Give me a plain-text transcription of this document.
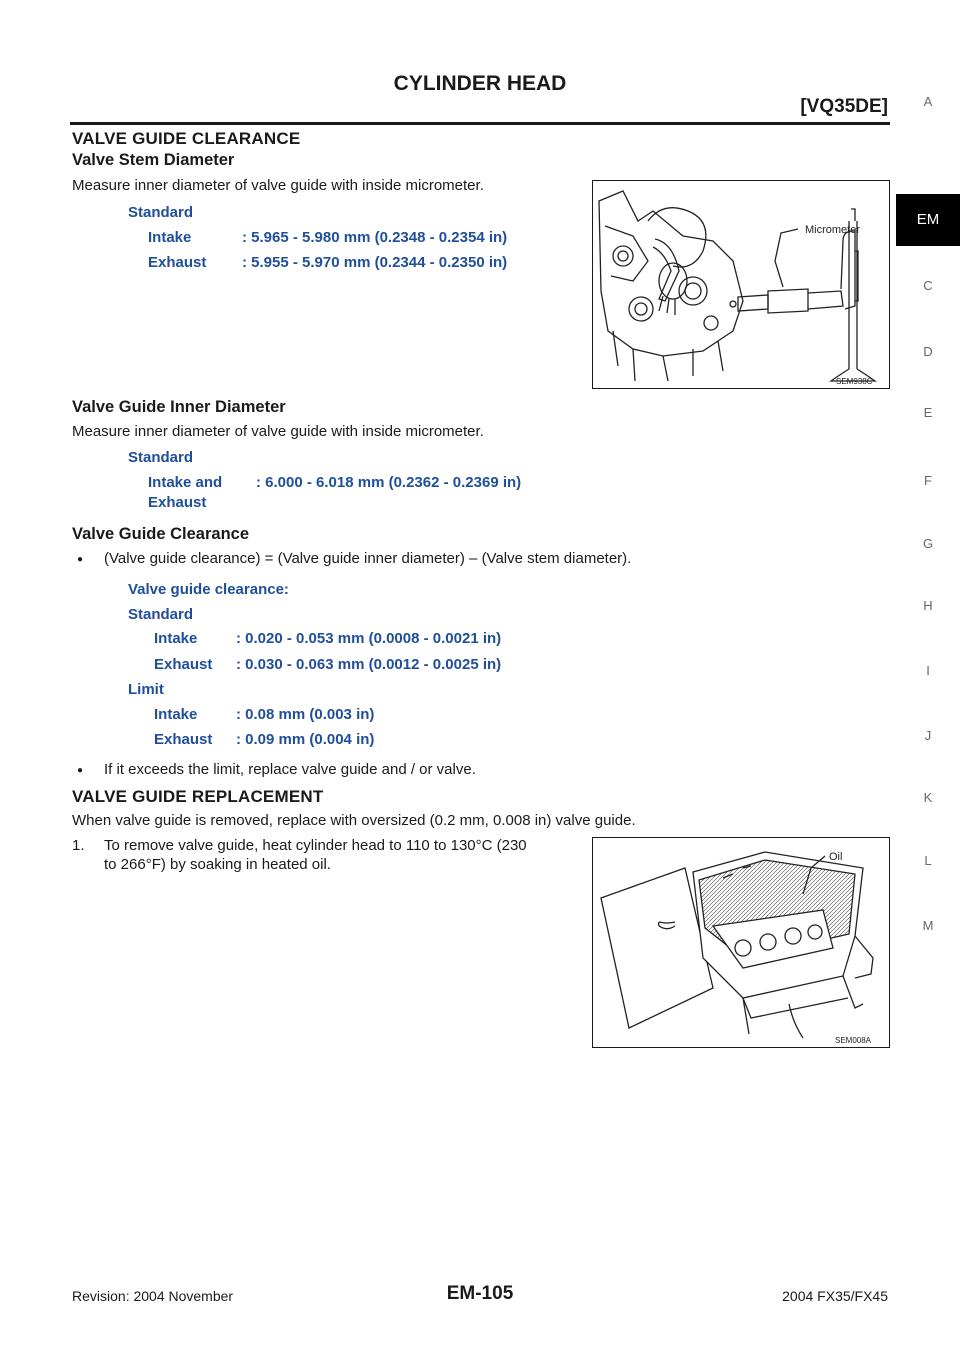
CYLINDER HEAD
[VQ35DE]	A
EM
C
D
E
F
G
H
I
J
K
L
M
VALVE GUIDE CLEARANCE
Valve Stem Diameter
Measure inner diameter of valve guide with inside micrometer.
Standard
Intake	: 5.965 - 5.980 mm (0.2348 - 0.2354 in)
Exhaust : 5.955 - 5.970 mm (0.2344 - 0.2350 in)
Micrometer
SEM938C
Valve Guide Inner Diameter
Measure inner diameter of valve guide with inside micrometer.
Standard
Intake and
Exhaust
: 6.000 - 6.018 mm (0.2362 - 0.2369 in)
Valve Guide Clearance
● (Valve guide clearance) = (Valve guide inner diameter) – (Valve stem diameter).
Valve guide clearance:
Standard
Intake	: 0.020 - 0.053 mm (0.0008 - 0.0021 in)
Exhaust : 0.030 - 0.063 mm (0.0012 - 0.0025 in)
Limit
Intake	: 0.08 mm (0.003 in)
Exhaust : 0.09 mm (0.004 in)
● If it exceeds the limit, replace valve guide and / or valve.
VALVE GUIDE REPLACEMENT
When valve guide is removed, replace with oversized (0.2 mm, 0.008 in) valve guide.
1. To remove valve guide, heat cylinder head to 110 to 130°C (230
to 266°F) by soaking in heated oil.	Oil
SEM008A
Revision: 2004 November	EM-105	2004 FX35/FX45
